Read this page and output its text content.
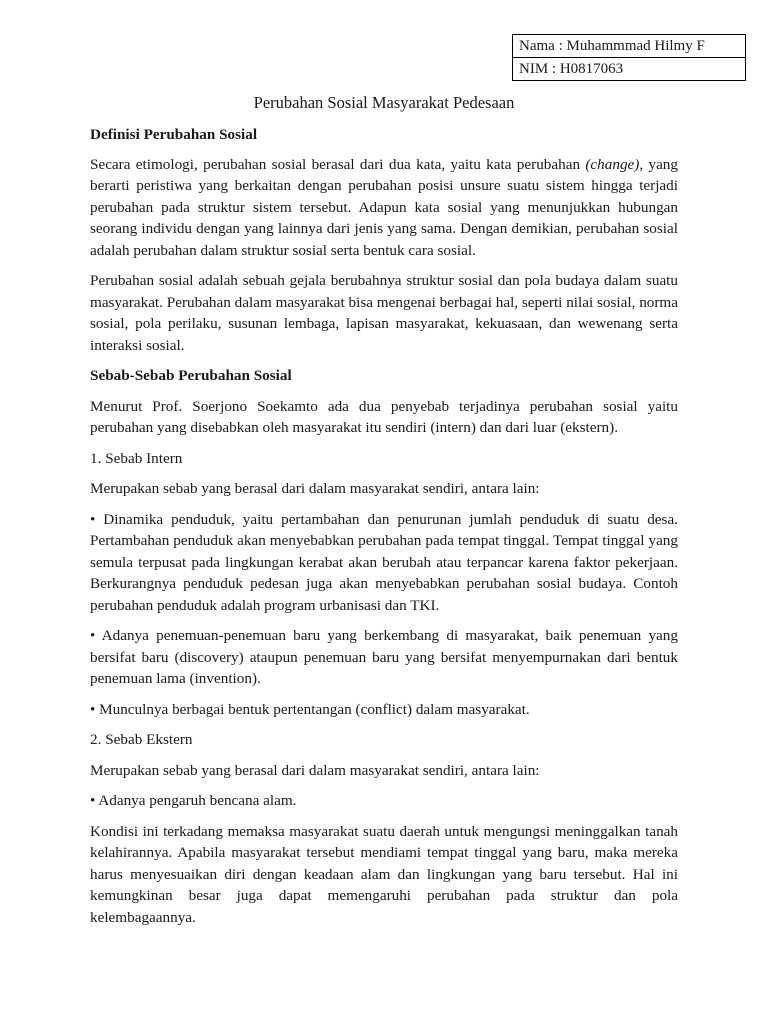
Nama : Muhammmad Hilmy F
NIM : H0817063
Perubahan Sosial Masyarakat Pedesaan
Definisi Perubahan Sosial

Secara etimologi, perubahan sosial berasal dari dua kata, yaitu kata perubahan (change), yang berarti peristiwa yang berkaitan dengan perubahan posisi unsure suatu sistem hingga terjadi perubahan pada struktur sistem tersebut. Adapun kata sosial yang menunjukkan hubungan seorang individu dengan yang lainnya dari jenis yang sama. Dengan demikian, perubahan sosial adalah perubahan dalam struktur sosial serta bentuk cara sosial.

Perubahan sosial adalah sebuah gejala berubahnya struktur sosial dan pola budaya dalam suatu masyarakat. Perubahan dalam masyarakat bisa mengenai berbagai hal, seperti nilai sosial, norma sosial, pola perilaku, susunan lembaga, lapisan masyarakat, kekuasaan, dan wewenang serta interaksi sosial.

Sebab-Sebab Perubahan Sosial

Menurut Prof. Soerjono Soekamto ada dua penyebab terjadinya perubahan sosial yaitu perubahan yang disebabkan oleh masyarakat itu sendiri (intern) dan dari luar (ekstern).

1. Sebab Intern

Merupakan sebab yang berasal dari dalam masyarakat sendiri, antara lain:

• Dinamika penduduk, yaitu pertambahan dan penurunan jumlah penduduk di suatu desa. Pertambahan penduduk akan menyebabkan perubahan pada tempat tinggal. Tempat tinggal yang semula terpusat pada lingkungan kerabat akan berubah atau terpancar karena faktor pekerjaan. Berkurangnya penduduk pedesan juga akan menyebabkan perubahan sosial budaya. Contoh perubahan penduduk adalah program urbanisasi dan TKI.

• Adanya penemuan-penemuan baru yang berkembang di masyarakat, baik penemuan yang bersifat baru (discovery) ataupun penemuan baru yang bersifat menyempurnakan dari bentuk penemuan lama (invention).

• Munculnya berbagai bentuk pertentangan (conflict) dalam masyarakat.

2. Sebab Ekstern

Merupakan sebab yang berasal dari dalam masyarakat sendiri, antara lain:

• Adanya pengaruh bencana alam.

Kondisi ini terkadang memaksa masyarakat suatu daerah untuk mengungsi meninggalkan tanah kelahirannya. Apabila masyarakat tersebut mendiami tempat tinggal yang baru, maka mereka harus menyesuaikan diri dengan keadaan alam dan lingkungan yang baru tersebut. Hal ini kemungkinan besar juga dapat memengaruhi perubahan pada struktur dan pola kelembagaannya.
